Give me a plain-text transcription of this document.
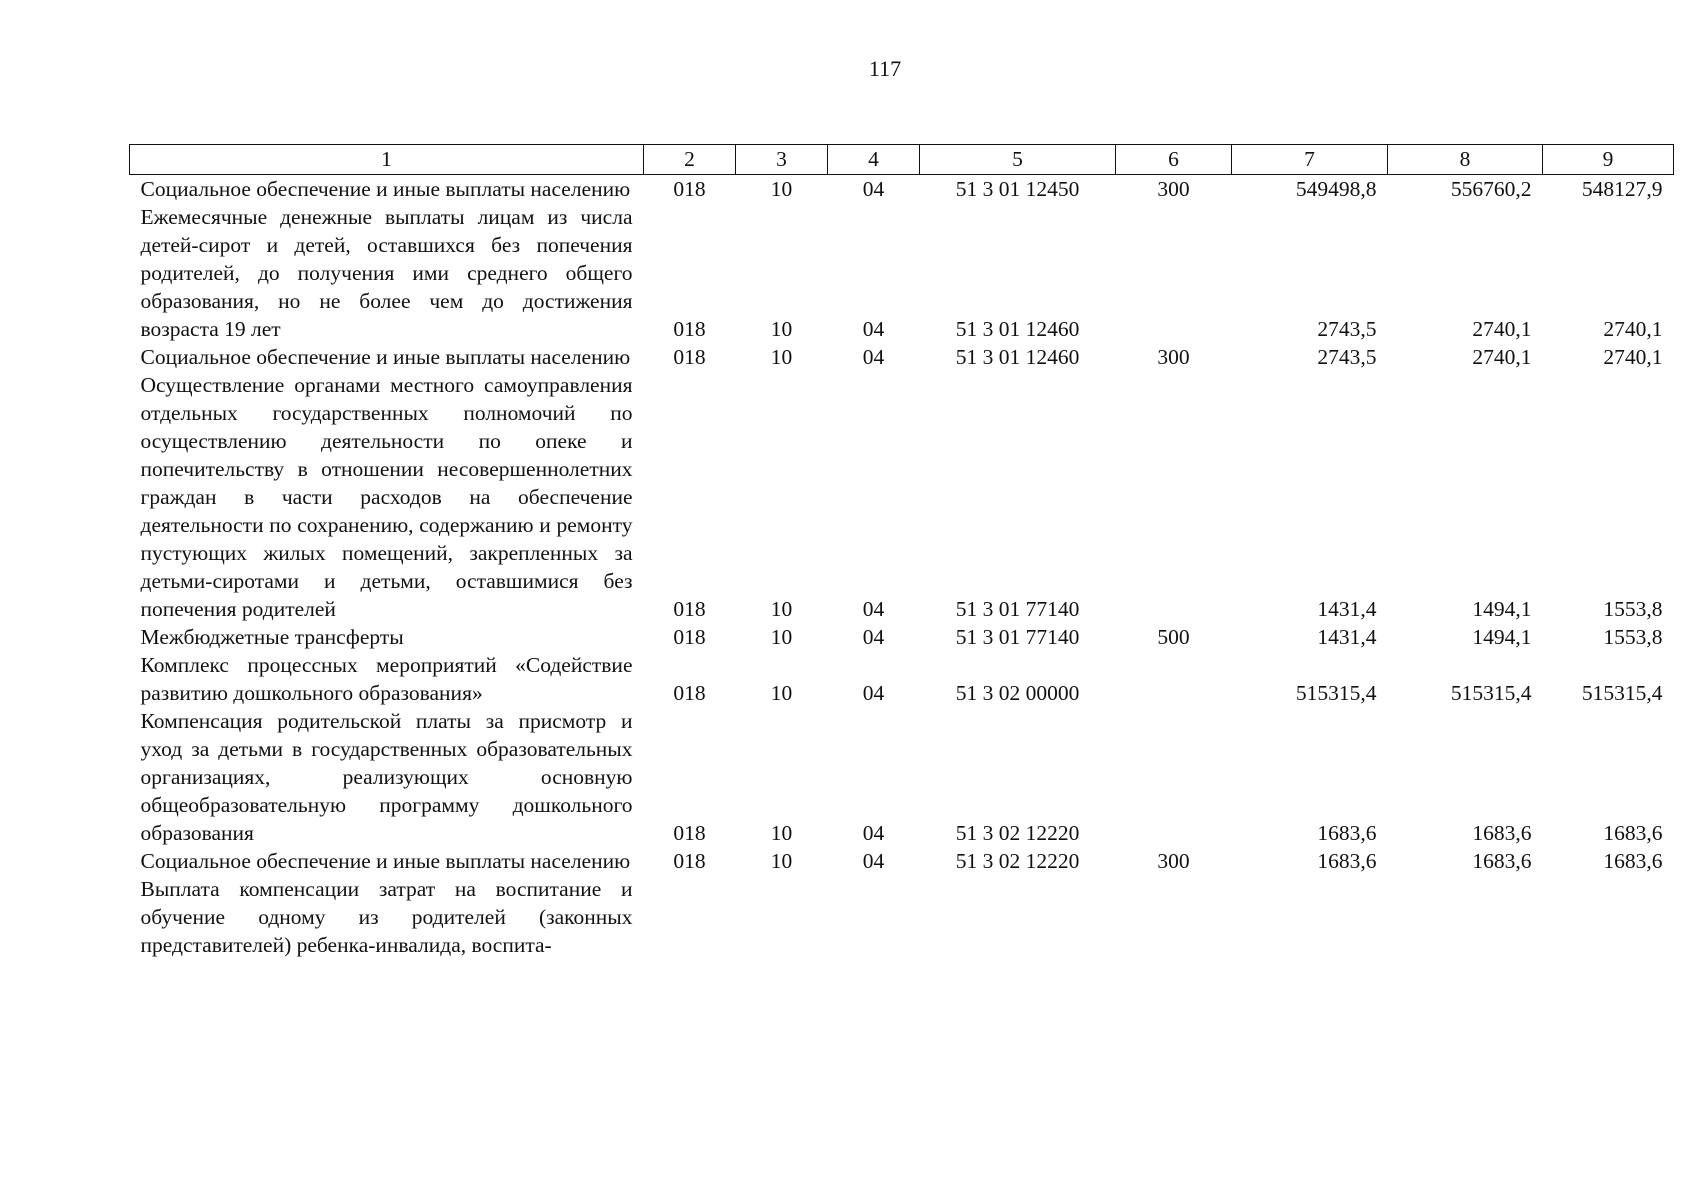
117
1	2	3	4	5	6	7	8	9
Социальное обеспечение и иные выплаты населению	018	10	04	51 3 01 12450	300	549498,8	556760,2	548127,9
Ежемесячные денежные выплаты лицам из числа детей-сирот и детей, оставшихся без попечения родителей, до получения ими среднего общего образования, но не более чем до достижения возраста 19 лет	018	10	04	51 3 01 12460		2743,5	2740,1	2740,1
Социальное обеспечение и иные выплаты населению	018	10	04	51 3 01 12460	300	2743,5	2740,1	2740,1
Осуществление органами местного самоуправления отдельных государственных полномочий по осуществлению деятельности по опеке и попечительству в отношении несовершеннолетних граждан в части расходов на обеспечение деятельности по сохранению, содержанию и ремонту пустующих жилых помещений, закрепленных за детьми-сиротами и детьми, оставшимися без попечения родителей	018	10	04	51 3 01 77140		1431,4	1494,1	1553,8
Межбюджетные трансферты	018	10	04	51 3 01 77140	500	1431,4	1494,1	1553,8
Комплекс процессных мероприятий «Содействие развитию дошкольного образования»	018	10	04	51 3 02 00000		515315,4	515315,4	515315,4
Компенсация родительской платы за присмотр и уход за детьми в государственных образовательных организациях, реализующих основную общеобразовательную программу дошкольного образования	018	10	04	51 3 02 12220		1683,6	1683,6	1683,6
Социальное обеспечение и иные выплаты населению	018	10	04	51 3 02 12220	300	1683,6	1683,6	1683,6
Выплата компенсации затрат на воспитание и обучение одному из родителей (законных представителей) ребенка-инвалида, воспита-								
